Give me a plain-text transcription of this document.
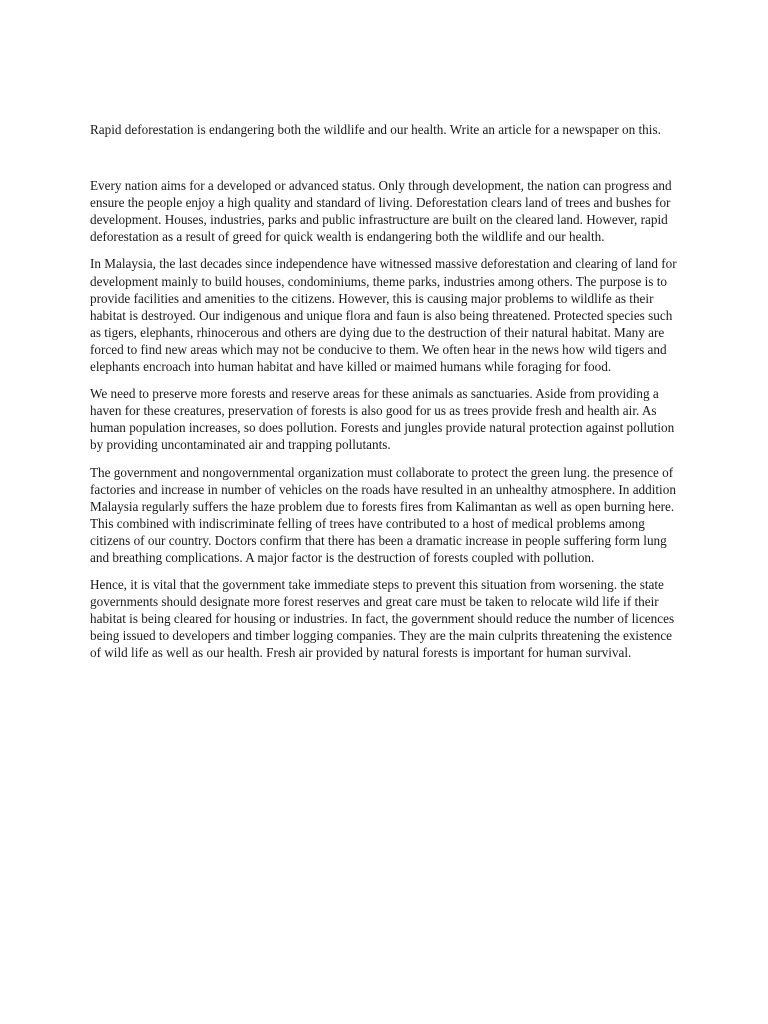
Rapid deforestation is endangering both the wildlife and our health. Write an article for a newspaper on this.

Every nation aims for a developed or advanced status. Only through development, the nation can progress and ensure the people enjoy a high quality and standard of living. Deforestation clears land of trees and bushes for development. Houses, industries, parks and public infrastructure are built on the cleared land. However, rapid deforestation as a result of greed for quick wealth is endangering both the wildlife and our health.

In Malaysia, the last decades since independence have witnessed massive deforestation and clearing of land for development mainly to build houses, condominiums, theme parks, industries among others. The purpose is to provide facilities and amenities to the citizens. However, this is causing major problems to wildlife as their habitat is destroyed. Our indigenous and unique flora and faun is also being threatened. Protected species such as tigers, elephants, rhinocerous and others are dying due to the destruction of their natural habitat. Many are forced to find new areas which may not be conducive to them. We often hear in the news how wild tigers and elephants encroach into human habitat and have killed or maimed humans while foraging for food.

We need to preserve more forests and reserve areas for these animals as sanctuaries. Aside from providing a haven for these creatures, preservation of forests is also good for us as trees provide fresh and health air. As human population increases, so does pollution. Forests and jungles provide natural protection against pollution by providing uncontaminated air and trapping pollutants.

The government and nongovernmental organization must collaborate to protect the green lung. the presence of factories and increase in number of vehicles on the roads have resulted in an unhealthy atmosphere. In addition Malaysia regularly suffers the haze problem due to forests fires from Kalimantan as well as open burning here. This combined with indiscriminate felling of trees have contributed to a host of medical problems among citizens of our country. Doctors confirm that there has been a dramatic increase in people suffering form lung and breathing complications. A major factor is the destruction of forests coupled with pollution.

Hence, it is vital that the government take immediate steps to prevent this situation from worsening. the state governments should designate more forest reserves and great care must be taken to relocate wild life if their habitat is being cleared for housing or industries. In fact, the government should reduce the number of licences being issued to developers and timber logging companies. They are the main culprits threatening the existence of wild life as well as our health. Fresh air provided by natural forests is important for human survival.
